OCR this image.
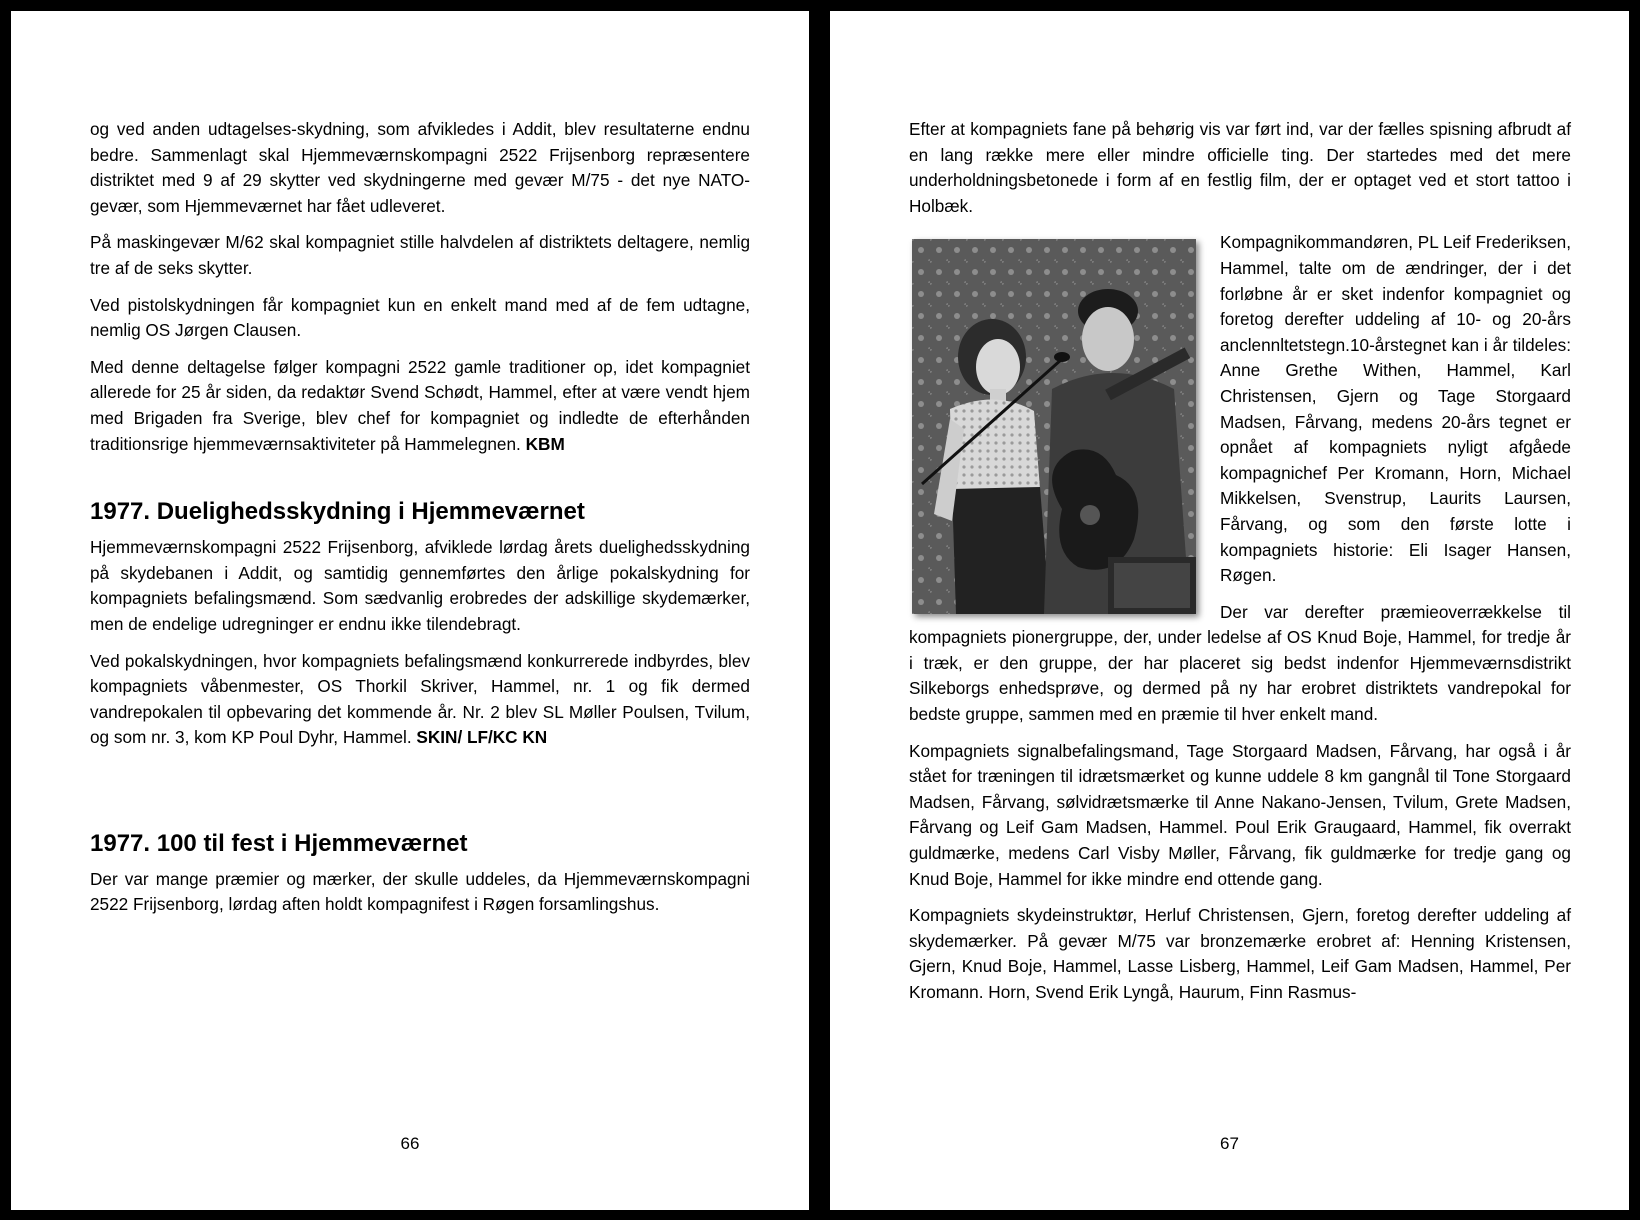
og ved anden udtagelses-skydning, som afvikledes i Addit, blev resultaterne endnu bedre. Sammenlagt skal Hjemmeværnskompagni 2522 Frijsenborg repræsentere distriktet med 9 af 29 skytter ved skydningerne med gevær M/75 - det nye NATO-gevær, som Hjemmeværnet har fået udleveret.

På maskingevær M/62 skal kompagniet stille halvdelen af distriktets deltagere, nemlig tre af de seks skytter.

Ved pistolskydningen får kompagniet kun en enkelt mand med af de fem udtagne, nemlig OS Jørgen Clausen.

Med denne deltagelse følger kompagni 2522 gamle traditioner op, idet kompagniet allerede for 25 år siden, da redaktør Svend Schødt, Hammel, efter at være vendt hjem med Brigaden fra Sverige, blev chef for kompagniet og indledte de efterhånden traditionsrige hjemmeværnsaktiviteter på Hammelegnen. KBM

1977. Duelighedsskydning i Hjemmeværnet

Hjemmeværnskompagni 2522 Frijsenborg, afviklede lørdag årets duelighedsskydning på skydebanen i Addit, og samtidig gennemførtes den årlige pokalskydning for kompagniets befalingsmænd. Som sædvanlig erobredes der adskillige skydemærker, men de endelige udregninger er endnu ikke tilendebragt.

Ved pokalskydningen, hvor kompagniets befalingsmænd konkurrerede indbyrdes, blev kompagniets våbenmester, OS Thorkil Skriver, Hammel, nr. 1 og fik dermed vandrepokalen til opbevaring det kommende år. Nr. 2 blev SL Møller Poulsen, Tvilum, og som nr. 3, kom KP Poul Dyhr, Hammel. SKIN/ LF/KC KN

1977. 100 til fest i Hjemmeværnet

Der var mange præmier og mærker, der skulle uddeles, da Hjemmeværnskompagni 2522 Frijsenborg, lørdag aften holdt kompagnifest i Røgen forsamlingshus.

66

Efter at kompagniets fane på behørig vis var ført ind, var der fælles spisning afbrudt af en lang række mere eller mindre officielle ting. Der startedes med det mere underholdningsbetonede i form af en festlig film, der er optaget ved et stort tattoo i Holbæk.

Kompagnikommandøren, PL Leif Frederiksen, Hammel, talte om de ændringer, der i det forløbne år er sket indenfor kompagniet og foretog derefter uddeling af 10- og 20-års anclennltetstegn.10-årstegnet kan i år tildeles: Anne Grethe Withen, Hammel, Karl Christensen, Gjern og Tage Storgaard Madsen, Fårvang, medens 20-års tegnet er opnået af kompagniets nyligt afgåede kompagnichef Per Kromann, Horn, Michael Mikkelsen, Svenstrup, Laurits Laursen, Fårvang, og som den første lotte i kompagniets historie: Eli Isager Hansen, Røgen.

Der var derefter præmieoverrækkelse til kompagniets pionergruppe, der, under ledelse af OS Knud Boje, Hammel, for tredje år i træk, er den gruppe, der har placeret sig bedst indenfor Hjemmeværnsdistrikt Silkeborgs enhedsprøve, og dermed på ny har erobret distriktets vandrepokal for bedste gruppe, sammen med en præmie til hver enkelt mand.

Kompagniets signalbefalingsmand, Tage Storgaard Madsen, Fårvang, har også i år stået for træningen til idrætsmærket og kunne uddele 8 km gangnål til Tone Storgaard Madsen, Fårvang, sølvidrætsmærke til Anne Nakano-Jensen, Tvilum, Grete Madsen, Fårvang og Leif Gam Madsen, Hammel. Poul Erik Graugaard, Hammel, fik overrakt guldmærke, medens Carl Visby Møller, Fårvang, fik guldmærke for tredje gang og Knud Boje, Hammel for ikke mindre end ottende gang.

Kompagniets skydeinstruktør, Herluf Christensen, Gjern, foretog derefter uddeling af skydemærker. På gevær M/75 var bronzemærke erobret af: Henning Kristensen, Gjern, Knud Boje, Hammel, Lasse Lisberg, Hammel, Leif Gam Madsen, Hammel, Per Kromann. Horn, Svend Erik Lyngå, Haurum, Finn Rasmus-

67
